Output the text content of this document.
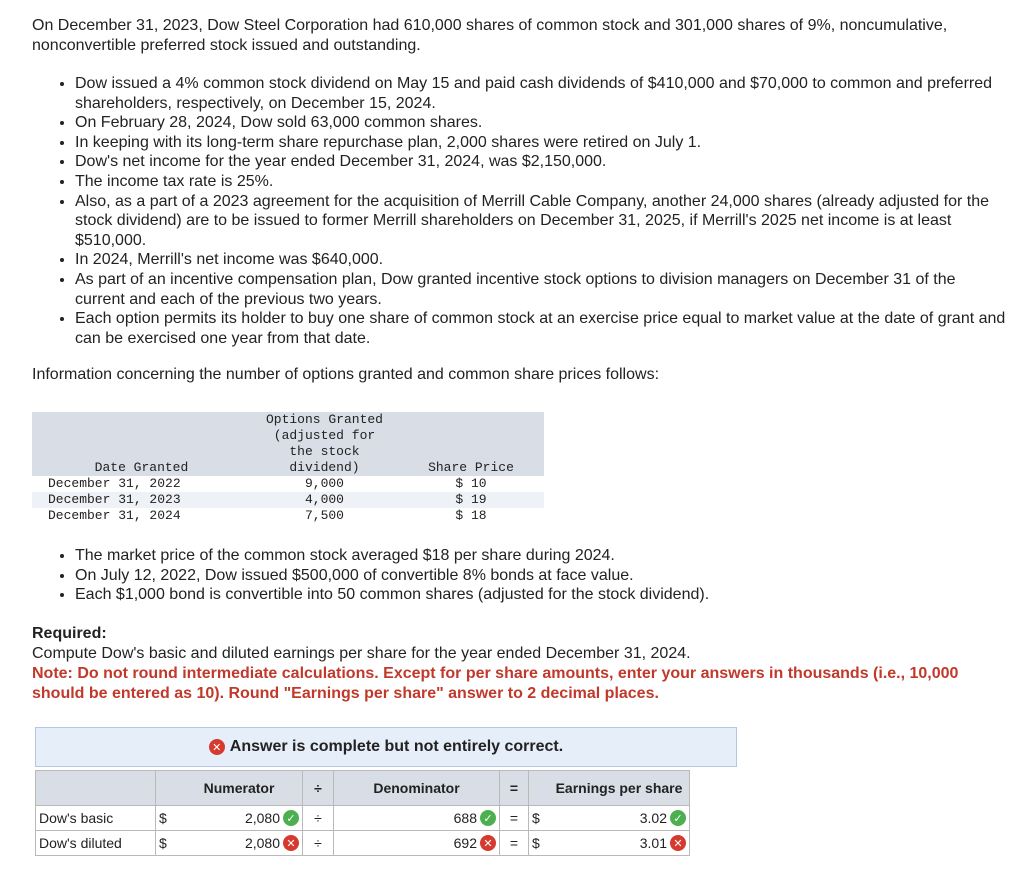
On December 31, 2023, Dow Steel Corporation had 610,000 shares of common stock and 301,000 shares of 9%, noncumulative, nonconvertible preferred stock issued and outstanding.

• Dow issued a 4% common stock dividend on May 15 and paid cash dividends of $410,000 and $70,000 to common and preferred shareholders, respectively, on December 15, 2024.
• On February 28, 2024, Dow sold 63,000 common shares.
• In keeping with its long-term share repurchase plan, 2,000 shares were retired on July 1.
• Dow's net income for the year ended December 31, 2024, was $2,150,000.
• The income tax rate is 25%.
• Also, as a part of a 2023 agreement for the acquisition of Merrill Cable Company, another 24,000 shares (already adjusted for the stock dividend) are to be issued to former Merrill shareholders on December 31, 2025, if Merrill's 2025 net income is at least $510,000.
• In 2024, Merrill's net income was $640,000.
• As part of an incentive compensation plan, Dow granted incentive stock options to division managers on December 31 of the current and each of the previous two years.
• Each option permits its holder to buy one share of common stock at an exercise price equal to market value at the date of grant and can be exercised one year from that date.

Information concerning the number of options granted and common share prices follows:

Date Granted	Options Granted
(adjusted for
the stock
dividend)	Share Price
December 31, 2022	9,000	$ 10
December 31, 2023	4,000	$ 19
December 31, 2024	7,500	$ 18
• The market price of the common stock averaged $18 per share during 2024.
• On July 12, 2022, Dow issued $500,000 of convertible 8% bonds at face value.
• Each $1,000 bond is convertible into 50 common shares (adjusted for the stock dividend).

Required:

Compute Dow's basic and diluted earnings per share for the year ended December 31, 2024.

Note: Do not round intermediate calculations. Except for per share amounts, enter your answers in thousands (i.e., 10,000 should be entered as 10). Round "Earnings per share" answer to 2 decimal places.

✕ Answer is complete but not entirely correct.
		Numerator	÷	Denominator	=		Earnings per share
Dow's basic	$	2,080 ✓	÷	688 ✓	=	$	3.02 ✓

Dow's diluted	$	2,080 ✕	÷	692 ✕	=	$	3.01 ✕
